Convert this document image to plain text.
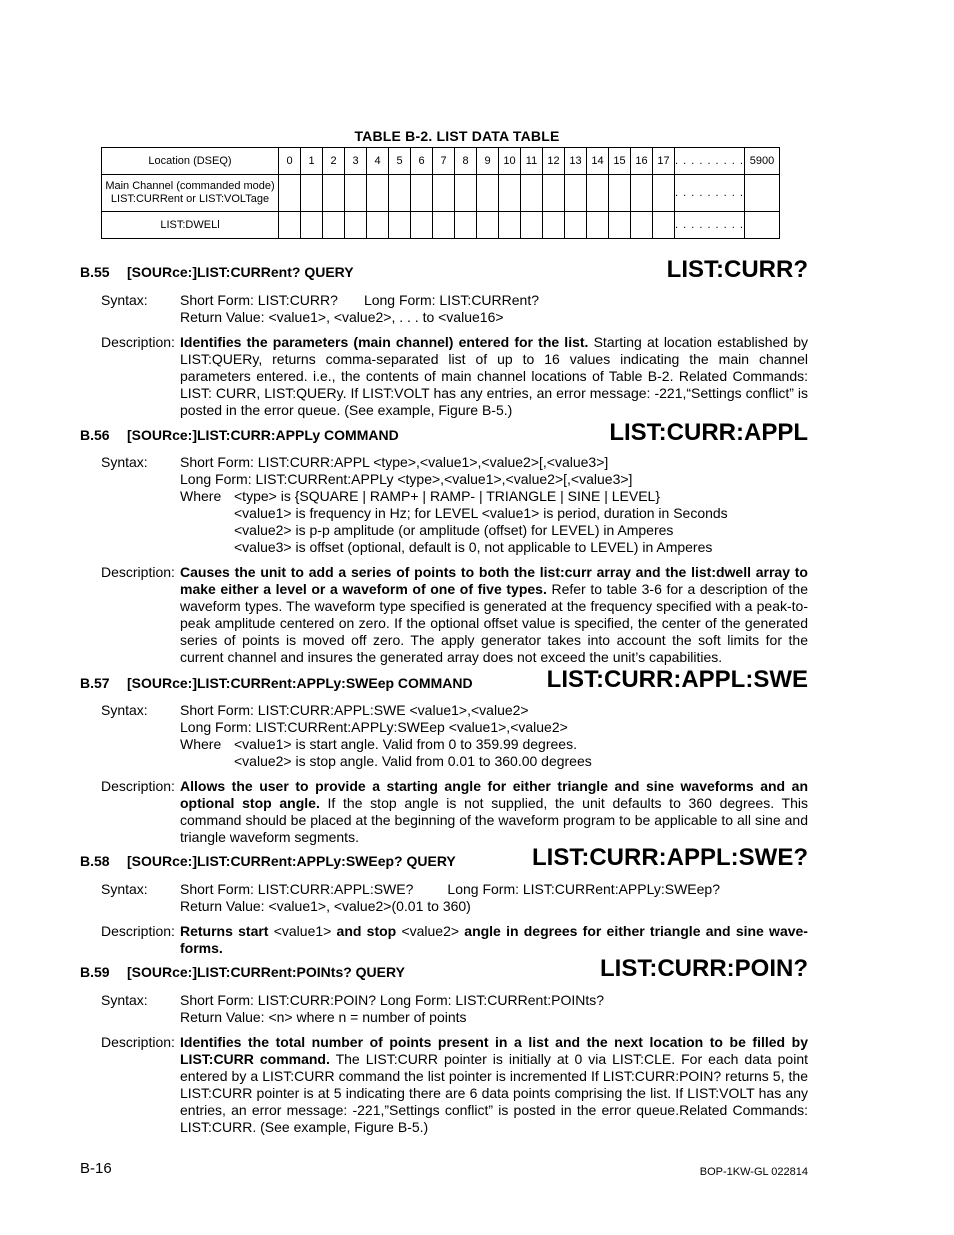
TABLE B-2. LIST DATA TABLE
Location (DSEQ)	0	1	2	3	4	5	6	7	8	9	10	11	12	13	14	15	16	17	. . . . . . . . .	5900
Main Channel (commanded mode)
LIST:CURRent or LIST:VOLTage																			. . . . . . . . .	
LIST:DWELl																			. . . . . . . . .	
B.55 [SOURce:]LIST:CURRent? QUERY	LIST:CURR?
Syntax: Short Form: LIST:CURR? Long Form: LIST:CURRent?
Return Value: <value1>, <value2>, . . . to <value16>
Description: Identifies the parameters (main channel) entered for the list. Starting at location established by LIST:QUERy, returns comma-separated list of up to 16 values indicating the main channel parameters entered. i.e., the contents of main channel locations of Table B-2. Related Commands: LIST: CURR, LIST:QUERy. If LIST:VOLT has any entries, an error message: -221,“Settings conflict” is posted in the error queue. (See example, Figure B-5.)
B.56 [SOURce:]LIST:CURR:APPLy COMMAND	LIST:CURR:APPL
Syntax: Short Form: LIST:CURR:APPL <type>,<value1>,<value2>[,<value3>]
Long Form: LIST:CURRent:APPLy <type>,<value1>,<value2>[,<value3>]
Where <type> is {SQUARE | RAMP+ | RAMP- | TRIANGLE | SINE | LEVEL}
<value1> is frequency in Hz; for LEVEL <value1> is period, duration in Seconds
<value2> is p-p amplitude (or amplitude (offset) for LEVEL) in Amperes
<value3> is offset (optional, default is 0, not applicable to LEVEL) in Amperes
Description: Causes the unit to add a series of points to both the list:curr array and the list:dwell array to make either a level or a waveform of one of five types. Refer to table 3-6 for a description of the waveform types. The waveform type specified is generated at the frequency specified with a peak-to-peak amplitude centered on zero. If the optional offset value is specified, the center of the generated series of points is moved off zero. The apply generator takes into account the soft limits for the current channel and insures the generated array does not exceed the unit’s capabilities.
B.57 [SOURce:]LIST:CURRent:APPLy:SWEep COMMAND	LIST:CURR:APPL:SWE
Syntax: Short Form: LIST:CURR:APPL:SWE <value1>,<value2>
Long Form: LIST:CURRent:APPLy:SWEep <value1>,<value2>
Where <value1> is start angle. Valid from 0 to 359.99 degrees.
<value2> is stop angle. Valid from 0.01 to 360.00 degrees
Description: Allows the user to provide a starting angle for either triangle and sine waveforms and an optional stop angle. If the stop angle is not supplied, the unit defaults to 360 degrees. This command should be placed at the beginning of the waveform program to be applicable to all sine and triangle waveform segments.
B.58 [SOURce:]LIST:CURRent:APPLy:SWEep? QUERY	LIST:CURR:APPL:SWE?
Syntax: Short Form: LIST:CURR:APPL:SWE? Long Form: LIST:CURRent:APPLy:SWEep?
Return Value: <value1>, <value2>(0.01 to 360)
Description: Returns start <value1> and stop <value2> angle in degrees for either triangle and sine wave-forms.
B.59 [SOURce:]LIST:CURRent:POINts? QUERY	LIST:CURR:POIN?
Syntax: Short Form: LIST:CURR:POIN? Long Form: LIST:CURRent:POINts?
Return Value: <n> where n = number of points
Description: Identifies the total number of points present in a list and the next location to be filled by LIST:CURR command. The LIST:CURR pointer is initially at 0 via LIST:CLE. For each data point entered by a LIST:CURR command the list pointer is incremented If LIST:CURR:POIN? returns 5, the LIST:CURR pointer is at 5 indicating there are 6 data points comprising the list. If LIST:VOLT has any entries, an error message: -221,”Settings conflict” is posted in the error queue.Related Commands: LIST:CURR. (See example, Figure B-5.)
B-16	BOP-1KW-GL 022814
